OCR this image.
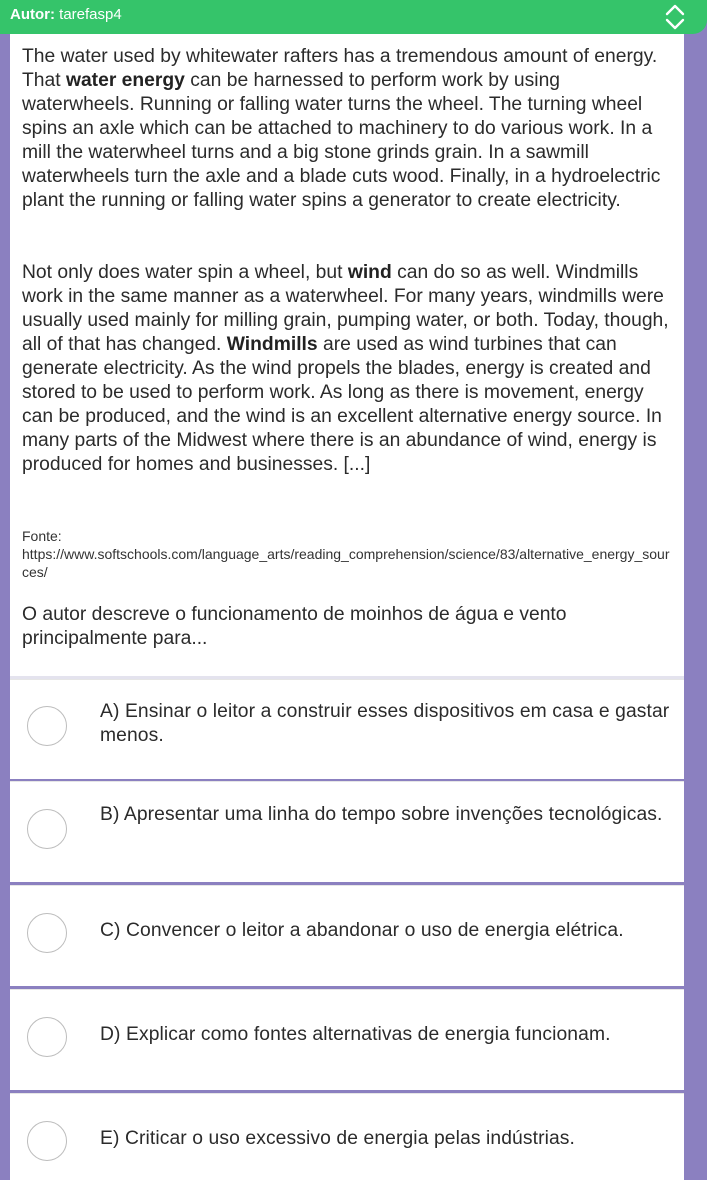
Autor: tarefasp4
The water used by whitewater rafters has a tremendous amount of energy. That water energy can be harnessed to perform work by using waterwheels. Running or falling water turns the wheel. The turning wheel spins an axle which can be attached to machinery to do various work. In a mill the waterwheel turns and a big stone grinds grain. In a sawmill waterwheels turn the axle and a blade cuts wood. Finally, in a hydroelectric plant the running or falling water spins a generator to create electricity.
Not only does water spin a wheel, but wind can do so as well. Windmills work in the same manner as a waterwheel. For many years, windmills were usually used mainly for milling grain, pumping water, or both. Today, though, all of that has changed. Windmills are used as wind turbines that can generate electricity. As the wind propels the blades, energy is created and stored to be used to perform work. As long as there is movement, energy can be produced, and the wind is an excellent alternative energy source. In many parts of the Midwest where there is an abundance of wind, energy is produced for homes and businesses. [...]
Fonte:
https://www.softschools.com/language_arts/reading_comprehension/science/83/alternative_energy_sources/
O autor descreve o funcionamento de moinhos de água e vento principalmente para...
A) Ensinar o leitor a construir esses dispositivos em casa e gastar menos.
B) Apresentar uma linha do tempo sobre invenções tecnológicas.
C) Convencer o leitor a abandonar o uso de energia elétrica.
D) Explicar como fontes alternativas de energia funcionam.
E) Criticar o uso excessivo de energia pelas indústrias.
